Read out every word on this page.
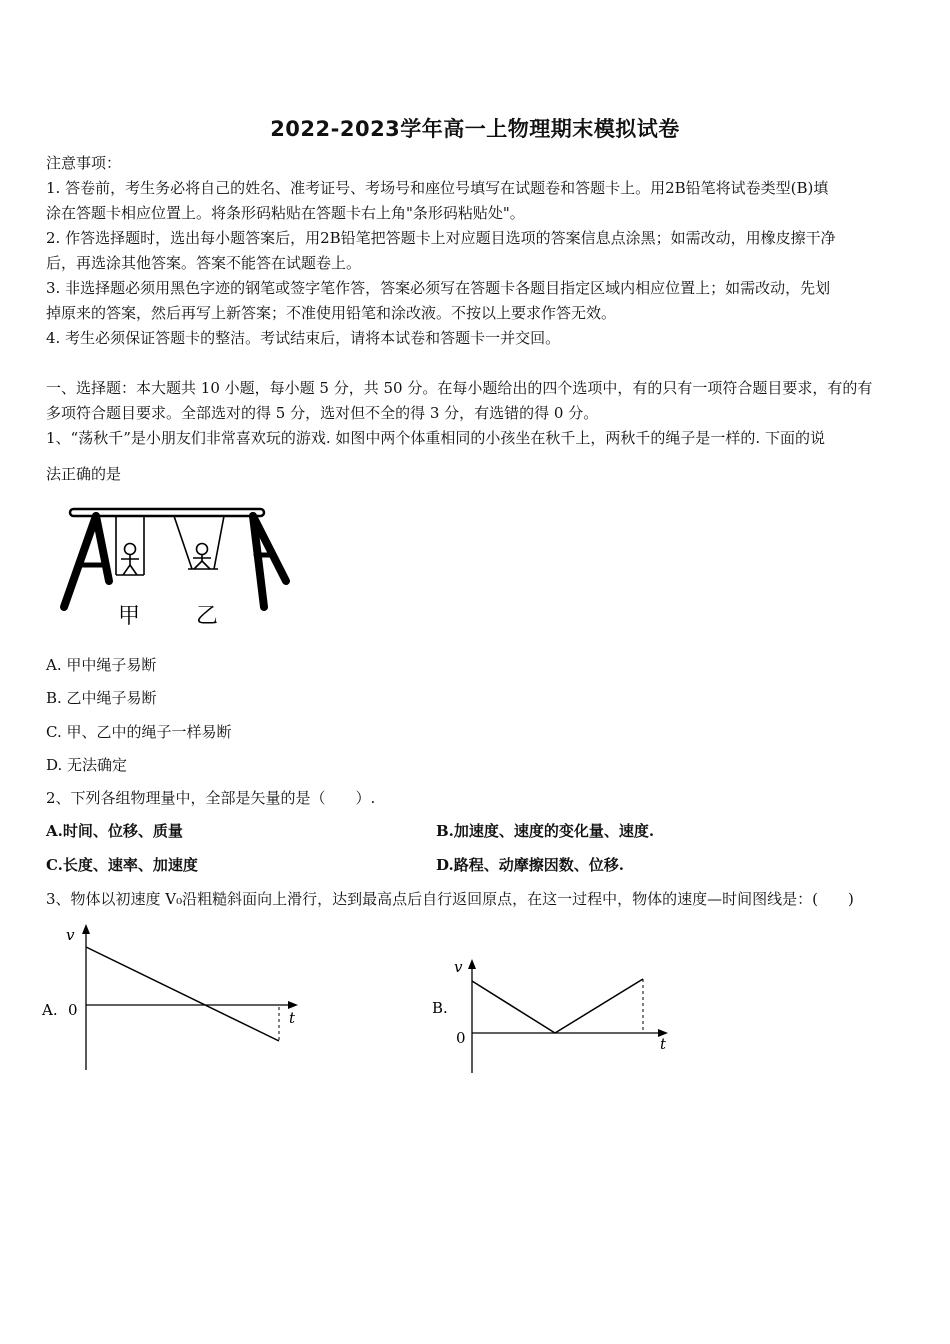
2022-2023学年高一上物理期末模拟试卷
注意事项：
1. 答卷前，考生务必将自己的姓名、准考证号、考场号和座位号填写在试题卷和答题卡上。用2B铅笔将试卷类型(B)填
涂在答题卡相应位置上。将条形码粘贴在答题卡右上角"条形码粘贴处"。
2. 作答选择题时，选出每小题答案后，用2B铅笔把答题卡上对应题目选项的答案信息点涂黑；如需改动，用橡皮擦干净
后，再选涂其他答案。答案不能答在试题卷上。
3. 非选择题必须用黑色字迹的钢笔或签字笔作答，答案必须写在答题卡各题目指定区域内相应位置上；如需改动，先划
掉原来的答案，然后再写上新答案；不准使用铅笔和涂改液。不按以上要求作答无效。
4. 考生必须保证答题卡的整洁。考试结束后，请将本试卷和答题卡一并交回。
一、选择题：本大题共 10 小题，每小题 5 分，共 50 分。在每小题给出的四个选项中，有的只有一项符合题目要求，有的有
多项符合题目要求。全部选对的得 5 分，选对但不全的得 3 分，有选错的得 0 分。
1、“荡秋千”是小朋友们非常喜欢玩的游戏. 如图中两个体重相同的小孩坐在秋千上，两秋千的绳子是一样的. 下面的说
法正确的是
甲	乙
A. 甲中绳子易断
B. 乙中绳子易断
C. 甲、乙中的绳子一样易断
D. 无法确定
2、下列各组物理量中，全部是矢量的是（　　）.
A.时间、位移、质量	B.加速度、速度的变化量、速度.
C.长度、速率、加速度	D.路程、动摩擦因数、位移.
3、物体以初速度 V₀沿粗糙斜面向上滑行，达到最高点后自行返回原点，在这一过程中，物体的速度—时间图线是：(　　)
A. 0
v
t
B.
0
v
t
